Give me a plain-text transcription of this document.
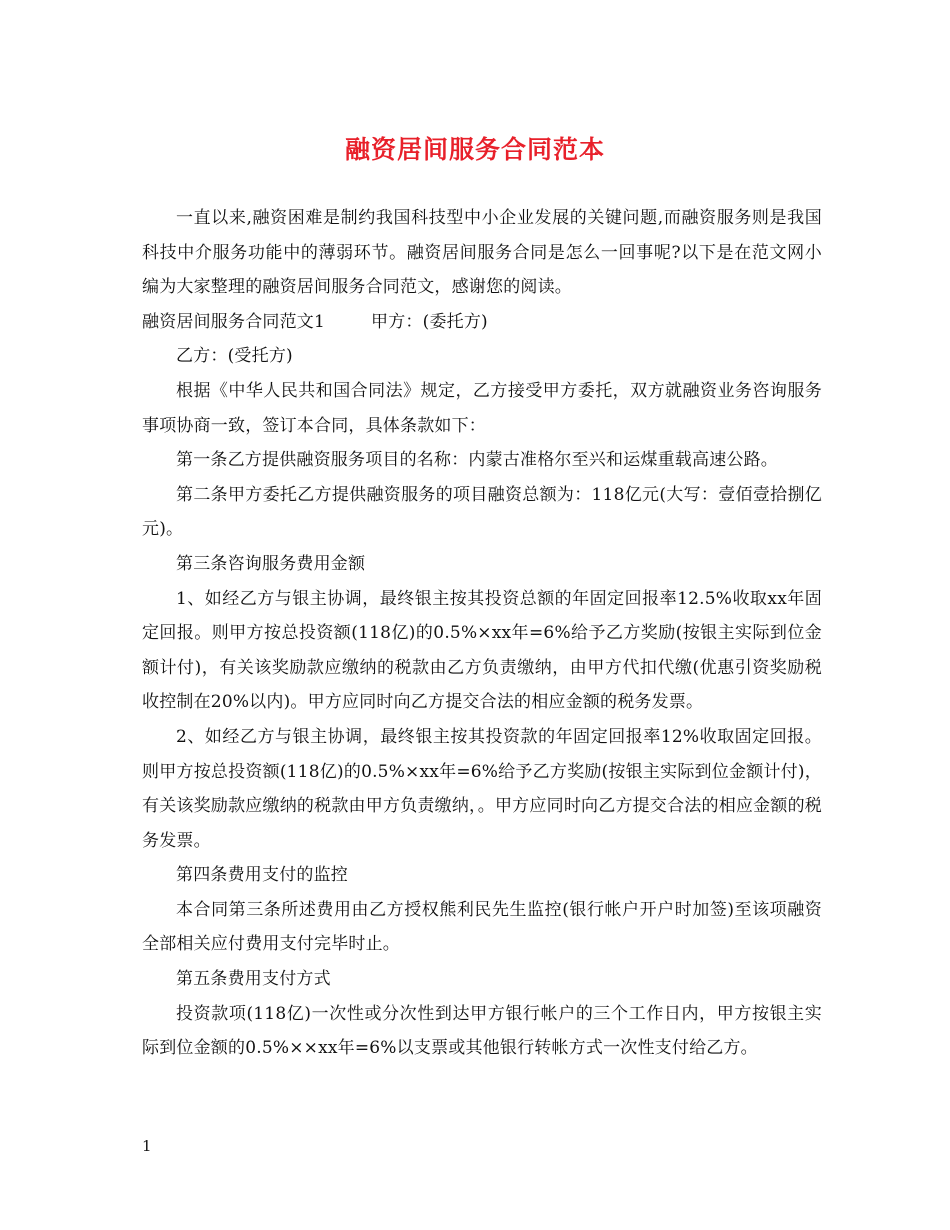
融资居间服务合同范本

一直以来,融资困难是制约我国科技型中小企业发展的关键问题,而融资服务则是我国科技中介服务功能中的薄弱环节。融资居间服务合同是怎么一回事呢?以下是在范文网小编为大家整理的融资居间服务合同范文，感谢您的阅读。

融资居间服务合同范文1	甲方：(委托方)

乙方：(受托方)

根据《中华人民共和国合同法》规定，乙方接受甲方委托，双方就融资业务咨询服务事项协商一致，签订本合同，具体条款如下：

第一条乙方提供融资服务项目的名称：内蒙古准格尔至兴和运煤重载高速公路。

第二条甲方委托乙方提供融资服务的项目融资总额为：118亿元(大写：壹佰壹拾捌亿元)。

第三条咨询服务费用金额

1、如经乙方与银主协调，最终银主按其投资总额的年固定回报率12.5%收取xx年固定回报。则甲方按总投资额(118亿)的0.5%×xx年=6%给予乙方奖励(按银主实际到位金额计付)，有关该奖励款应缴纳的税款由乙方负责缴纳，由甲方代扣代缴(优惠引资奖励税收控制在20%以内)。甲方应同时向乙方提交合法的相应金额的税务发票。

2、如经乙方与银主协调，最终银主按其投资款的年固定回报率12%收取固定回报。则甲方按总投资额(118亿)的0.5%×xx年=6%给予乙方奖励(按银主实际到位金额计付)，有关该奖励款应缴纳的税款由甲方负责缴纳，。甲方应同时向乙方提交合法的相应金额的税务发票。

第四条费用支付的监控

本合同第三条所述费用由乙方授权熊利民先生监控(银行帐户开户时加签)至该项融资全部相关应付费用支付完毕时止。

第五条费用支付方式

投资款项(118亿)一次性或分次性到达甲方银行帐户的三个工作日内，甲方按银主实际到位金额的0.5%××xx年=6%以支票或其他银行转帐方式一次性支付给乙方。

1
